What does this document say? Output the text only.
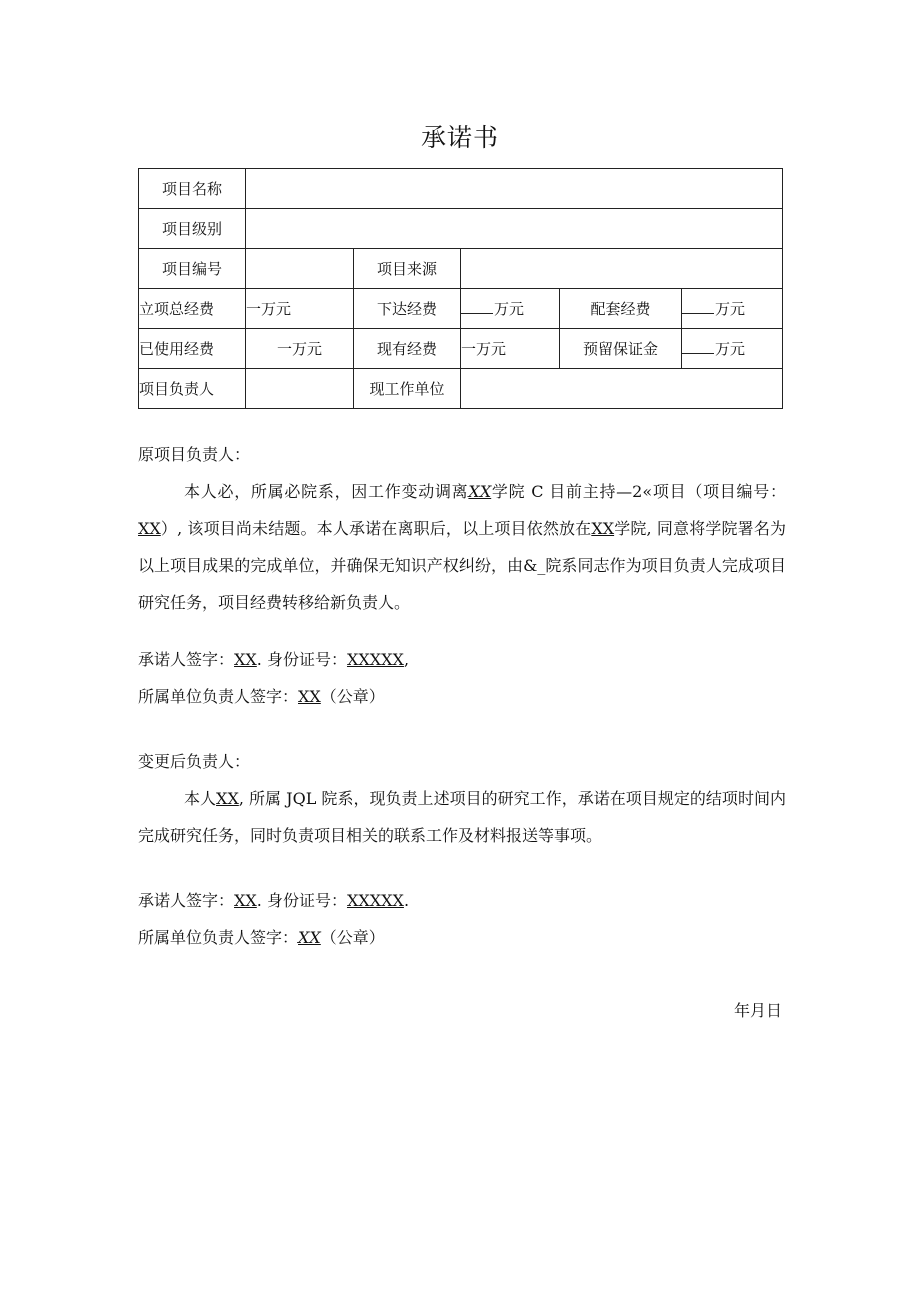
承诺书
项目名称					
项目级别					
项目编号		项目来源			
立项总经费	一万元	下达经费	万元	配套经费	万元
已使用经费	一万元	现有经费	一万元	预留保证金	万元
项目负责人		现工作单位			

原项目负责人：

本人必，所属必院系，因工作变动调离XX学院 C 目前主持—2«项目（项目编号：XX）, 该项目尚未结题。本人承诺在离职后，以上项目依然放在XX学院, 同意将学院署名为以上项目成果的完成单位，并确保无知识产权纠纷，由&_院系同志作为项目负责人完成项目研究任务，项目经费转移给新负责人。

承诺人签字：XX. 身份证号：XXXXX,

所属单位负责人签字：XX（公章）

变更后负责人：

本人XX, 所属 JQL 院系，现负责上述项目的研究工作，承诺在项目规定的结项时间内完成研究任务，同时负责项目相关的联系工作及材料报送等事项。

承诺人签字：XX. 身份证号：XXXXX.

所属单位负责人签字：XX（公章）

年月日
